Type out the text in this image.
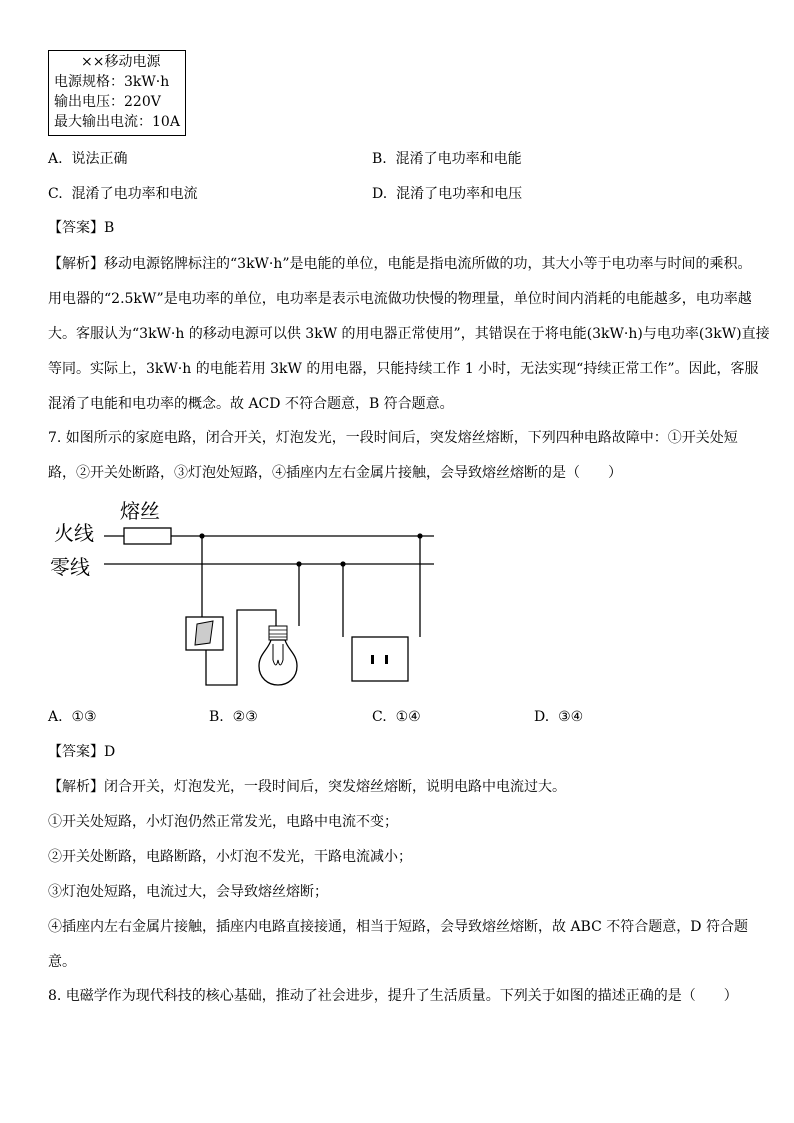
××移动电源
电源规格：3kW·h
输出电压：220V
最大输出电流：10A
A. 说法正确	B. 混淆了电功率和电能
C. 混淆了电功率和电流	D. 混淆了电功率和电压
【答案】B
【解析】移动电源铭牌标注的“3kW·h”是电能的单位，电能是指电流所做的功，其大小等于电功率与时间的乘积。
用电器的“2.5kW”是电功率的单位，电功率是表示电流做功快慢的物理量，单位时间内消耗的电能越多，电功率越
大。客服认为“3kW·h 的移动电源可以供 3kW 的用电器正常使用”，其错误在于将电能(3kW·h)与电功率(3kW)直接
等同。实际上，3kW·h 的电能若用 3kW 的用电器，只能持续工作 1 小时，无法实现“持续正常工作”。因此，客服
混淆了电能和电功率的概念。故 ACD 不符合题意，B 符合题意。
7. 如图所示的家庭电路，闭合开关，灯泡发光，一段时间后，突发熔丝熔断，下列四种电路故障中：①开关处短
路，②开关处断路，③灯泡处短路，④插座内左右金属片接触，会导致熔丝熔断的是（　　）
熔丝
火线
零线
A. ①③	B. ②③	C. ①④	D. ③④
【答案】D
【解析】闭合开关，灯泡发光，一段时间后，突发熔丝熔断，说明电路中电流过大。
①开关处短路，小灯泡仍然正常发光，电路中电流不变；
②开关处断路，电路断路，小灯泡不发光，干路电流减小；
③灯泡处短路，电流过大，会导致熔丝熔断；
④插座内左右金属片接触，插座内电路直接接通，相当于短路，会导致熔丝熔断，故 ABC 不符合题意，D 符合题
意。
8. 电磁学作为现代科技的核心基础，推动了社会进步，提升了生活质量。下列关于如图的描述正确的是（　　）
